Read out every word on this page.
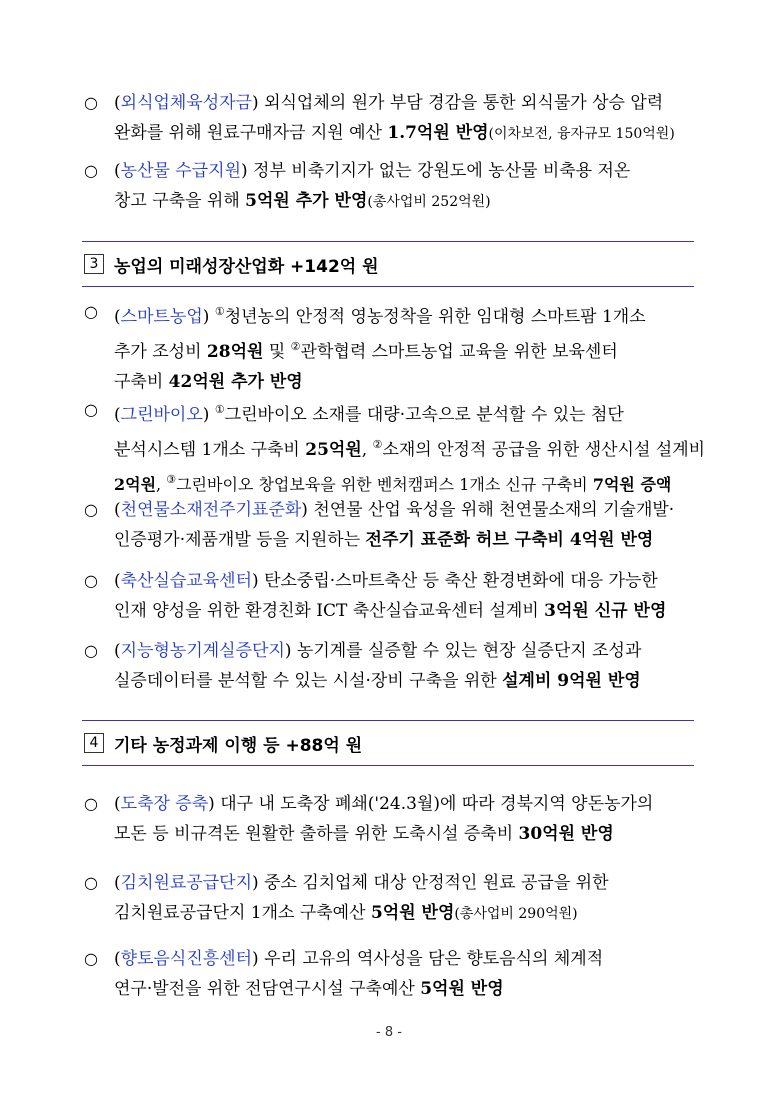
○ (외식업체육성자금) 외식업체의 원가 부담 경감을 통한 외식물가 상승 압력
완화를 위해 원료구매자금 지원 예산 1.7억원 반영(이차보전, 융자규모 150억원)
○ (농산물 수급지원) 정부 비축기지가 없는 강원도에 농산물 비축용 저온
창고 구축을 위해 5억원 추가 반영(총사업비 252억원)
3 농업의 미래성장산업화 +142억 원
○ (스마트농업) ①청년농의 안정적 영농정착을 위한 임대형 스마트팜 1개소
추가 조성비 28억원 및 ②관학협력 스마트농업 교육을 위한 보육센터
구축비 42억원 추가 반영
○ (그린바이오) ①그린바이오 소재를 대량·고속으로 분석할 수 있는 첨단
분석시스템 1개소 구축비 25억원, ②소재의 안정적 공급을 위한 생산시설 설계비
2억원, ③그린바이오 창업보육을 위한 벤처캠퍼스 1개소 신규 구축비 7억원 증액
○ (천연물소재전주기표준화) 천연물 산업 육성을 위해 천연물소재의 기술개발·
인증평가·제품개발 등을 지원하는 전주기 표준화 허브 구축비 4억원 반영
○ (축산실습교육센터) 탄소중립·스마트축산 등 축산 환경변화에 대응 가능한
인재 양성을 위한 환경친화 ICT 축산실습교육센터 설계비 3억원 신규 반영
○ (지능형농기계실증단지) 농기계를 실증할 수 있는 현장 실증단지 조성과
실증데이터를 분석할 수 있는 시설·장비 구축을 위한 설계비 9억원 반영
4 기타 농정과제 이행 등 +88억 원
○ (도축장 증축) 대구 내 도축장 폐쇄('24.3월)에 따라 경북지역 양돈농가의
모돈 등 비규격돈 원활한 출하를 위한 도축시설 증축비 30억원 반영
○ (김치원료공급단지) 중소 김치업체 대상 안정적인 원료 공급을 위한
김치원료공급단지 1개소 구축예산 5억원 반영(총사업비 290억원)
○ (향토음식진흥센터) 우리 고유의 역사성을 담은 향토음식의 체계적
연구·발전을 위한 전담연구시설 구축예산 5억원 반영
- 8 -
